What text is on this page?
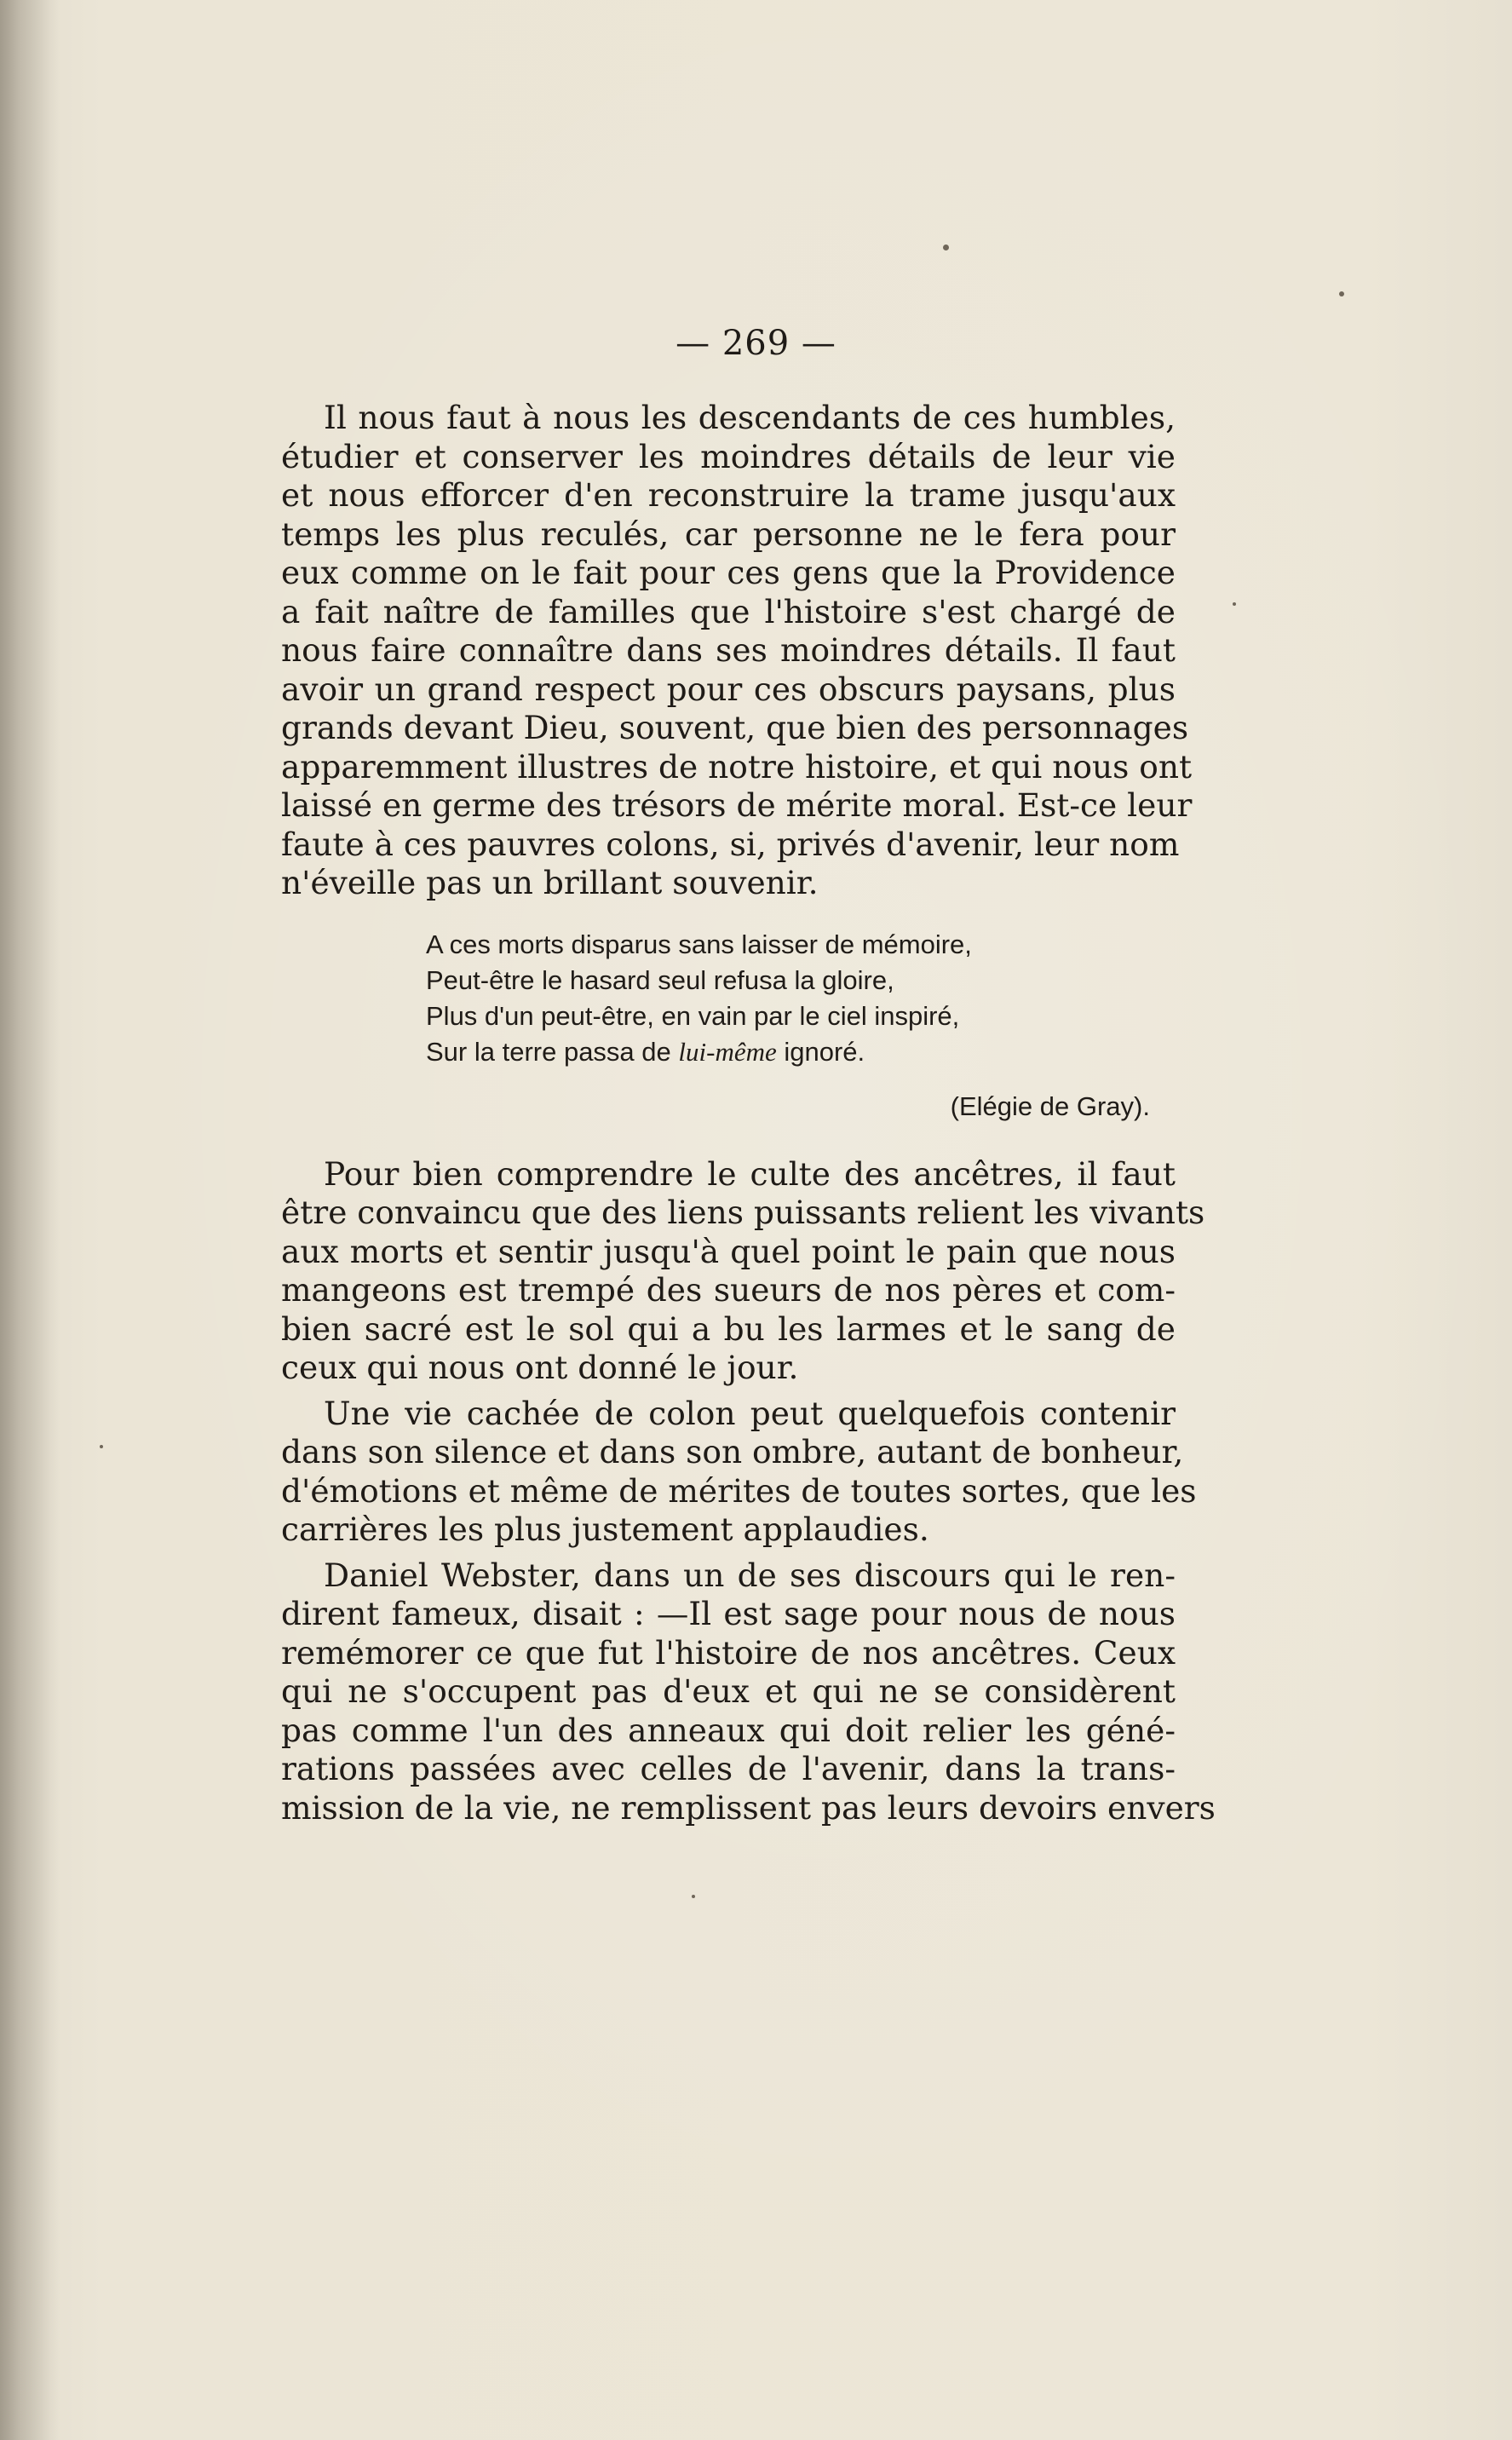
— 269 —
Il nous faut à nous les descendants de ces humbles,
étudier et conserver les moindres détails de leur vie
et nous efforcer d'en reconstruire la trame jusqu'aux
temps les plus reculés, car personne ne le fera pour
eux comme on le fait pour ces gens que la Providence
a fait naître de familles que l'histoire s'est chargé de
nous faire connaître dans ses moindres détails. Il faut
avoir un grand respect pour ces obscurs paysans, plus
grands devant Dieu, souvent, que bien des personnages
apparemment illustres de notre histoire, et qui nous ont
laissé en germe des trésors de mérite moral. Est-ce leur
faute à ces pauvres colons, si, privés d'avenir, leur nom
n'éveille pas un brillant souvenir.
A ces morts disparus sans laisser de mémoire,
Peut-être le hasard seul refusa la gloire,
Plus d'un peut-être, en vain par le ciel inspiré,
Sur la terre passa de lui-même ignoré.
(Elégie de Gray).
Pour bien comprendre le culte des ancêtres, il faut
être convaincu que des liens puissants relient les vivants
aux morts et sentir jusqu'à quel point le pain que nous
mangeons est trempé des sueurs de nos pères et com-
bien sacré est le sol qui a bu les larmes et le sang de
ceux qui nous ont donné le jour.
Une vie cachée de colon peut quelquefois contenir
dans son silence et dans son ombre, autant de bonheur,
d'émotions et même de mérites de toutes sortes, que les
carrières les plus justement applaudies.
Daniel Webster, dans un de ses discours qui le ren-
dirent fameux, disait : —Il est sage pour nous de nous
remémorer ce que fut l'histoire de nos ancêtres. Ceux
qui ne s'occupent pas d'eux et qui ne se considèrent
pas comme l'un des anneaux qui doit relier les géné-
rations passées avec celles de l'avenir, dans la trans-
mission de la vie, ne remplissent pas leurs devoirs envers
